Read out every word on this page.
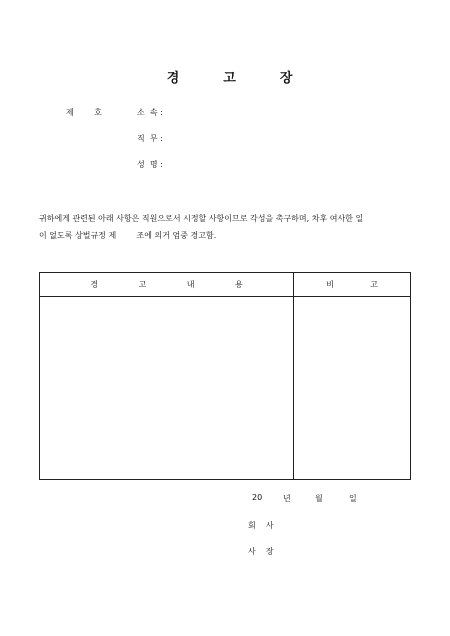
경	고	장

제        호	소  속 :
직  무 :
성  명 :
귀하에게 관련된 아래 사항은 직원으로서 시정할 사항이므로 각성을 촉구하며, 차후 여사한 일
이 없도록 상벌규정 제        조에 의거 엄중 경고함.
경 고 내 용	비 고

20	년	월	일
회    사
사    장
